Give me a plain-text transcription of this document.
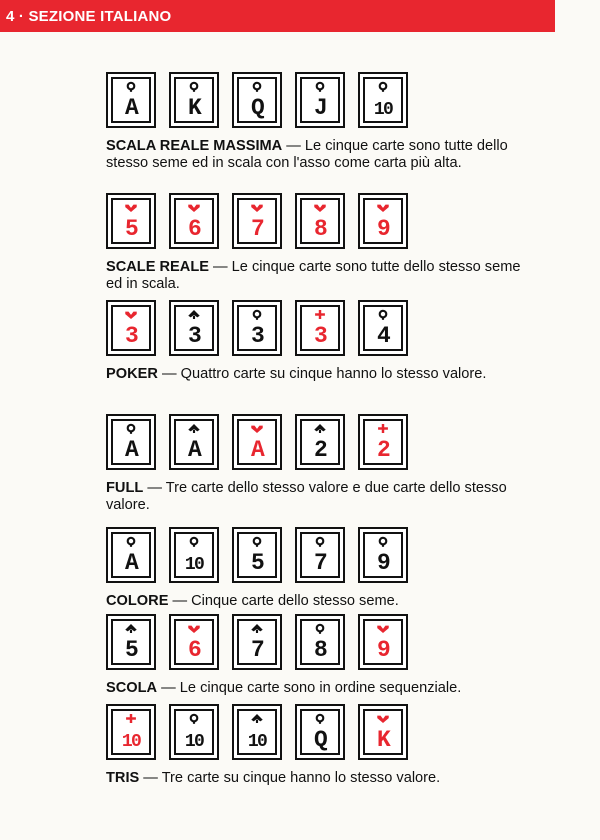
4 · SEZIONE ITALIANO
A K Q J 10

SCALA REALE MASSIMA — Le cinque carte sono tutte dello stesso seme ed in scala con l'asso come carta più alta.

5 6 7 8 9

SCALE REALE — Le cinque carte sono tutte dello stesso seme ed in scala.

3 3 3 3 4

POKER — Quattro carte su cinque hanno lo stesso valore.

A A A 2 2

FULL — Tre carte dello stesso valore e due carte dello stesso valore.

A 10 5 7 9

COLORE — Cinque carte dello stesso seme.

5 6 7 8 9

SCOLA — Le cinque carte sono in ordine sequenziale.

10 10 10 Q K

TRIS — Tre carte su cinque hanno lo stesso valore.
